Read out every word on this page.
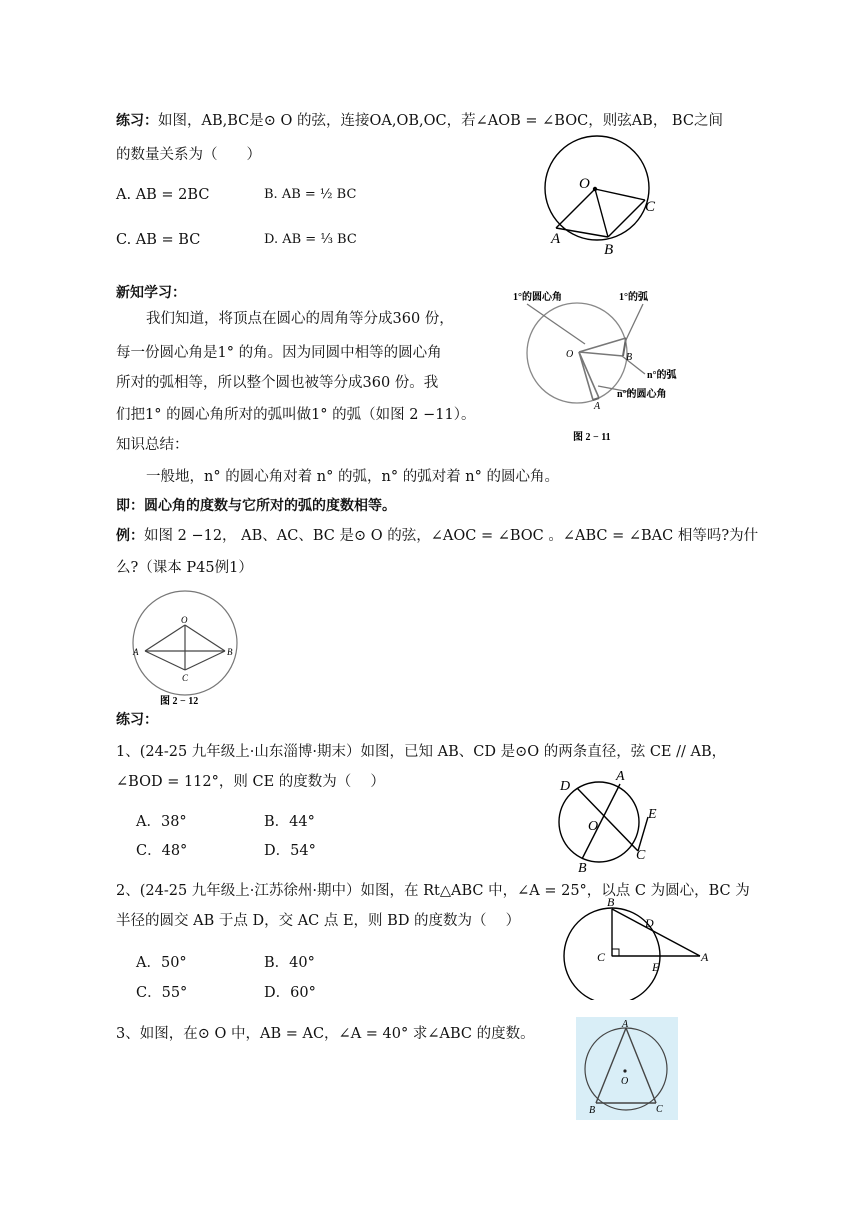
练习：如图，AB,BC是⊙ O 的弦，连接OA,OB,OC，若∠AOB = ∠BOC，则弦AB， BC之间
的数量关系为（　　）
A. AB = 2BC	B. AB = ½ BC
C. AB = BC	D. AB = ⅓ BC
O
A
B
C
新知学习：
我们知道，将顶点在圆心的周角等分成360 份，
每一份圆心角是1° 的角。因为同圆中相等的圆心角
所对的弧相等，所以整个圆也被等分成360 份。我
们把1° 的圆心角所对的弧叫做1° 的弧（如图 2 −11）。
知识总结：
一般地，n° 的圆心角对着 n° 的弧，n° 的弧对着 n° 的圆心角。
即：圆心角的度数与它所对的弧的度数相等。
1°的圆心角	1°的弧
n°的弧
n°的圆心角
O	B
A
图 2 − 11
例：如图 2 −12， AB、AC、BC 是⊙ O 的弦，∠AOC = ∠BOC 。∠ABC = ∠BAC 相等吗?为什
么?（课本 P45例1）
O
A	B
C
图 2 − 12
练习：
1、(24-25 九年级上·山东淄博·期末）如图，已知 AB、CD 是⊙O 的两条直径，弦 CE // AB，
∠BOD = 112°，则 CE 的度数为（　 ）
A．38°	B．44°
C．48°	D．54°
D
A
O
E
B
C
2、(24-25 九年级上·江苏徐州·期中）如图，在 Rt△ABC 中，∠A = 25°，以点 C 为圆心，BC 为
半径的圆交 AB 于点 D，交 AC 点 E，则 BD 的度数为（　 ）
A．50°	B．40°
C．55°	D．60°
B
D
C
E
A
3、如图，在⊙ O 中，AB = AC，∠A = 40° 求∠ABC 的度数。
A
O
B	C
